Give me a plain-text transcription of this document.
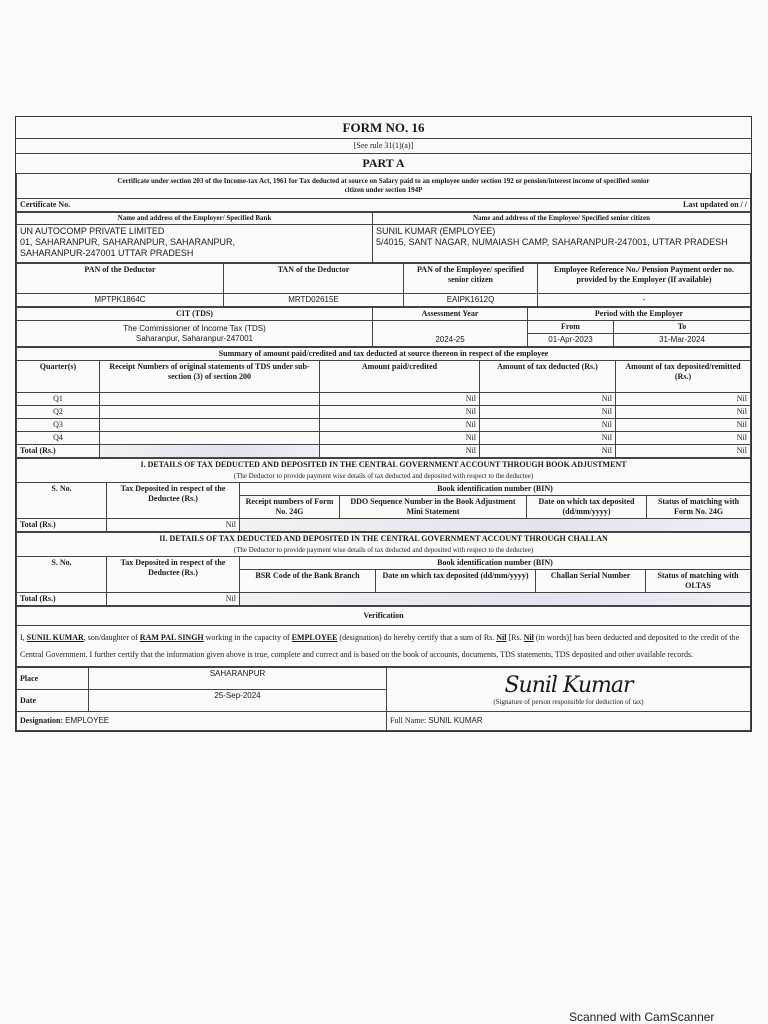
FORM NO. 16
[See rule 31(1)(a)]
PART A
Certificate under section 203 of the Income-tax Act, 1961 for Tax deducted at source on Salary paid to an employee under section 192 or pension/interest income of specified senior citizen under section 194P
Certificate No.		Last updated on / /
Name and address of the Employer/ Specified Bank	Name and address of the Employee/ Specified senior citizen
UN AUTOCOMP PRIVATE LIMITED
01, SAHARANPUR, SAHARANPUR, SAHARANPUR,
SAHARANPUR-247001 UTTAR PRADESH	SUNIL KUMAR (EMPLOYEE)
5/4015, SANT NAGAR, NUMAIASH CAMP, SAHARANPUR-247001, UTTAR PRADESH
PAN of the Deductor	TAN of the Deductor	PAN of the Employee/ specified senior citizen	Employee Reference No./ Pension Payment order no. provided by the Employer (If available)
MPTPK1864C	MRTD02615E	EAIPK1612Q	-
CIT (TDS)	Assessment Year	Period with the Employer	
The Commissioner of Income Tax (TDS)
Saharanpur, Saharanpur-247001	2024-25	From	To
		01-Apr-2023	31-Mar-2024
Summary of amount paid/credited and tax deducted at source thereon in respect of the employee				
Quarter(s)	Receipt Numbers of original statements of TDS under sub-section (3) of section 200	Amount paid/credited	Amount of tax deducted (Rs.)	Amount of tax deposited/remitted (Rs.)
Q1		Nil	Nil	Nil
Q2		Nil	Nil	Nil
Q3		Nil	Nil	Nil
Q4		Nil	Nil	Nil
Total (Rs.)		Nil	Nil	Nil
I. DETAILS OF TAX DEDUCTED AND DEPOSITED IN THE CENTRAL GOVERNMENT ACCOUNT THROUGH BOOK ADJUSTMENT					
(The Deductor to provide payment wise details of tax deducted and deposited with respect to the deductee)					
S. No.	Tax Deposited in respect of the Deductee (Rs.)	Book identification number (BIN)			
		Receipt numbers of Form No. 24G	DDO Sequence Number in the Book Adjustment Mini Statement	Date on which tax deposited (dd/mm/yyyy)	Status of matching with Form No. 24G
Total (Rs.)	Nil				
II. DETAILS OF TAX DEDUCTED AND DEPOSITED IN THE CENTRAL GOVERNMENT ACCOUNT THROUGH CHALLAN					
(The Deductor to provide payment wise details of tax deducted and deposited with respect to the deductee)					
S. No.	Tax Deposited in respect of the Deductee (Rs.)	Book identification number (BIN)			
		BSR Code of the Bank Branch	Date on which tax deposited (dd/mm/yyyy)	Challan Serial Number	Status of matching with OLTAS
Total (Rs.)	Nil				
Verification
I, SUNIL KUMAR, son/daughter of RAM PAL SINGH working in the capacity of EMPLOYEE (designation) do hereby certify that a sum of Rs. Nil [Rs. Nil (in words)] has been deducted and deposited to the credit of the Central Government. I further certify that the information given above is true, complete and correct and is based on the book of accounts, documents, TDS statements, TDS deposited and other available records.
Place	SAHARANPUR	Sunil Kumar
(Signature of person responsible for deduction of tax)

Date	25-Sep-2024	
Designation: EMPLOYEE		Full Name: SUNIL KUMAR
Scanned with CamScanner
